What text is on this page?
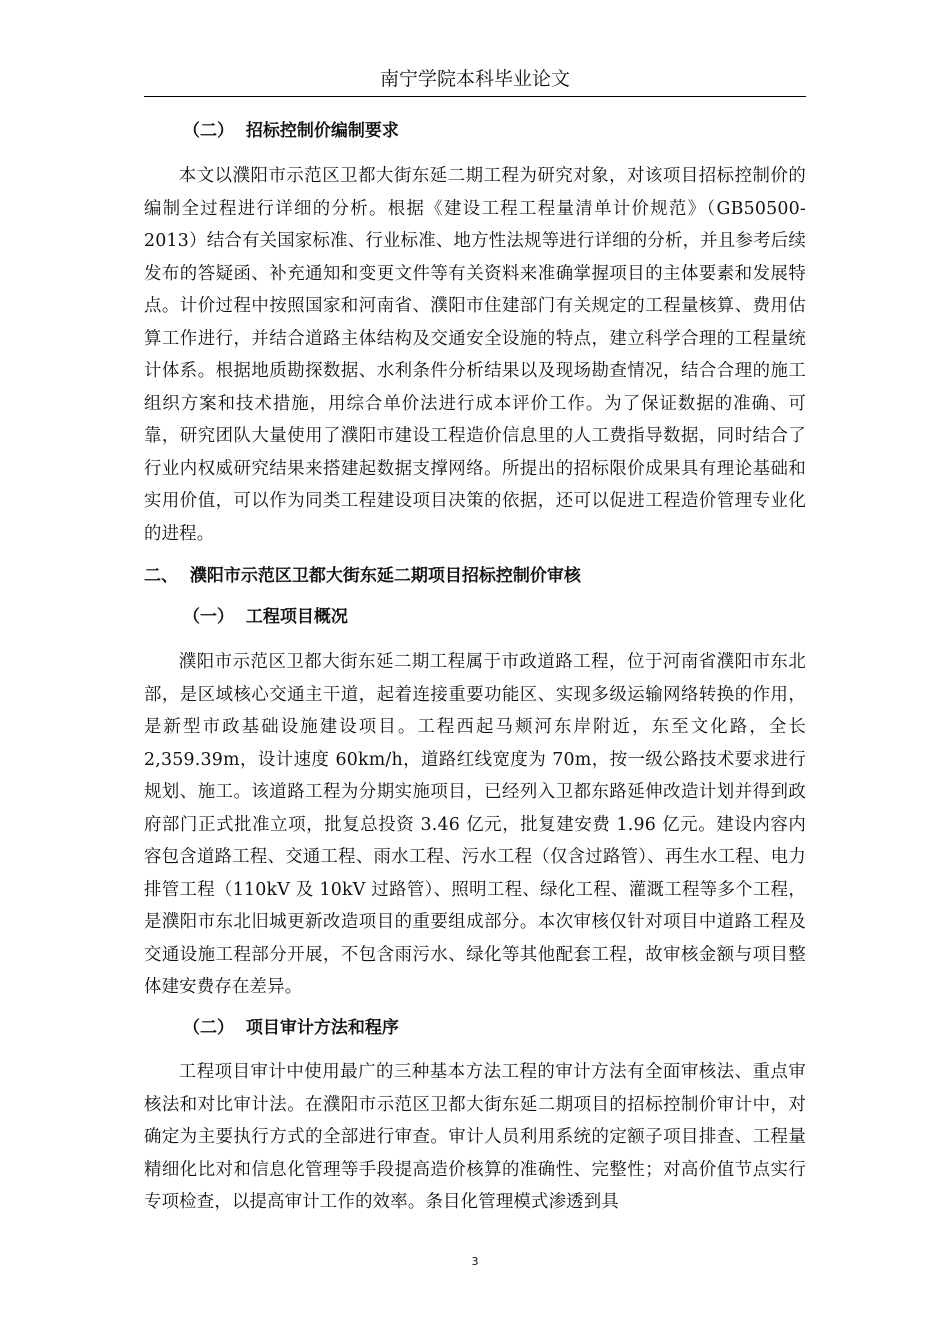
南宁学院本科毕业论文
（二）  招标控制价编制要求
本文以濮阳市示范区卫都大街东延二期工程为研究对象，对该项目招标控制价的编制全过程进行详细的分析。根据《建设工程工程量清单计价规范》（GB50500-2013）结合有关国家标准、行业标准、地方性法规等进行详细的分析，并且参考后续发布的答疑函、补充通知和变更文件等有关资料来准确掌握项目的主体要素和发展特点。计价过程中按照国家和河南省、濮阳市住建部门有关规定的工程量核算、费用估算工作进行，并结合道路主体结构及交通安全设施的特点，建立科学合理的工程量统计体系。根据地质勘探数据、水利条件分析结果以及现场勘查情况，结合合理的施工组织方案和技术措施，用综合单价法进行成本评价工作。为了保证数据的准确、可靠，研究团队大量使用了濮阳市建设工程造价信息里的人工费指导数据，同时结合了行业内权威研究结果来搭建起数据支撑网络。所提出的招标限价成果具有理论基础和实用价值，可以作为同类工程建设项目决策的依据，还可以促进工程造价管理专业化的进程。
二、  濮阳市示范区卫都大街东延二期项目招标控制价审核
（一）  工程项目概况
濮阳市示范区卫都大街东延二期工程属于市政道路工程，位于河南省濮阳市东北部，是区域核心交通主干道，起着连接重要功能区、实现多级运输网络转换的作用，是新型市政基础设施建设项目。工程西起马颊河东岸附近，东至文化路，全长 2,359.39m，设计速度 60km/h，道路红线宽度为 70m，按一级公路技术要求进行规划、施工。该道路工程为分期实施项目，已经列入卫都东路延伸改造计划并得到政府部门正式批准立项，批复总投资 3.46 亿元，批复建安费 1.96 亿元。建设内容内容包含道路工程、交通工程、雨水工程、污水工程（仅含过路管）、再生水工程、电力排管工程（110kV 及 10kV 过路管）、照明工程、绿化工程、灌溉工程等多个工程，是濮阳市东北旧城更新改造项目的重要组成部分。本次审核仅针对项目中道路工程及交通设施工程部分开展，不包含雨污水、绿化等其他配套工程，故审核金额与项目整体建安费存在差异。
（二）  项目审计方法和程序
工程项目审计中使用最广的三种基本方法工程的审计方法有全面审核法、重点审核法和对比审计法。在濮阳市示范区卫都大街东延二期项目的招标控制价审计中，对确定为主要执行方式的全部进行审查。审计人员利用系统的定额子项目排查、工程量精细化比对和信息化管理等手段提高造价核算的准确性、完整性；对高价值节点实行专项检查，以提高审计工作的效率。条目化管理模式渗透到具
3
